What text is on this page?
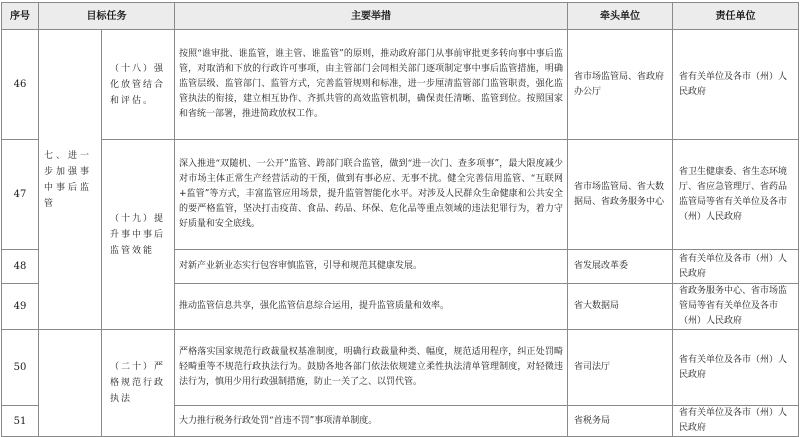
序号	目标任务		主要举措	牵头单位	责任单位
46	七、进一步加强事中事后监管	（十八）强化放管结合和评估。	按照“谁审批、谁监管，谁主管、谁监管”的原则，推动政府部门从事前审批更多转向事中事后监管，对取消和下放的行政许可事项，由主管部门会同相关部门逐项制定事中事后监管措施，明确监管层级、监管部门、监管方式，完善监管规则和标准，进一步厘清监管部门监管职责，强化监管执法的衔接，建立相互协作、齐抓共管的高效监管机制，确保责任清晰、监管到位。按照国家和省统一部署，推进简政放权工作。	省市场监管局、省政府办公厅	省有关单位及各市（州）人民政府
47		（十九）提升事中事后监管效能	深入推进“双随机、一公开”监管、跨部门联合监管，做到“进一次门、查多项事”，最大限度减少对市场主体正常生产经营活动的干预，做到有事必应、无事不扰。健全完善信用监管、“互联网+监管”等方式，丰富监管应用场景，提升监管智能化水平。对涉及人民群众生命健康和公共安全的要严格监管，坚决打击疫苗、食品、药品、环保、危化品等重点领域的违法犯罪行为，着力守好质量和安全底线。	省市场监管局、省大数据局、省政务服务中心	省卫生健康委、省生态环境厅、省应急管理厅、省药品监管局等省有关单位及各市（州）人民政府
48			对新产业新业态实行包容审慎监管，引导和规范其健康发展。	省发展改革委	省有关单位及各市（州）人民政府
49			推动监管信息共享，强化监管信息综合运用，提升监管质量和效率。	省大数据局	省政务服务中心、省市场监管局等省有关单位及各市（州）人民政府
50		（二十）严格规范行政执法	严格落实国家规范行政裁量权基准制度，明确行政裁量种类、幅度，规范适用程序，纠正处罚畸轻畸重等不规范行政执法行为。鼓励各地各部门依法依规建立柔性执法清单管理制度，对轻微违法行为，慎用少用行政强制措施，防止一关了之、以罚代管。	省司法厅	省有关单位及各市（州）人民政府
51			大力推行税务行政处罚“首违不罚”事项清单制度。	省税务局	省有关单位及各市（州）人民政府
